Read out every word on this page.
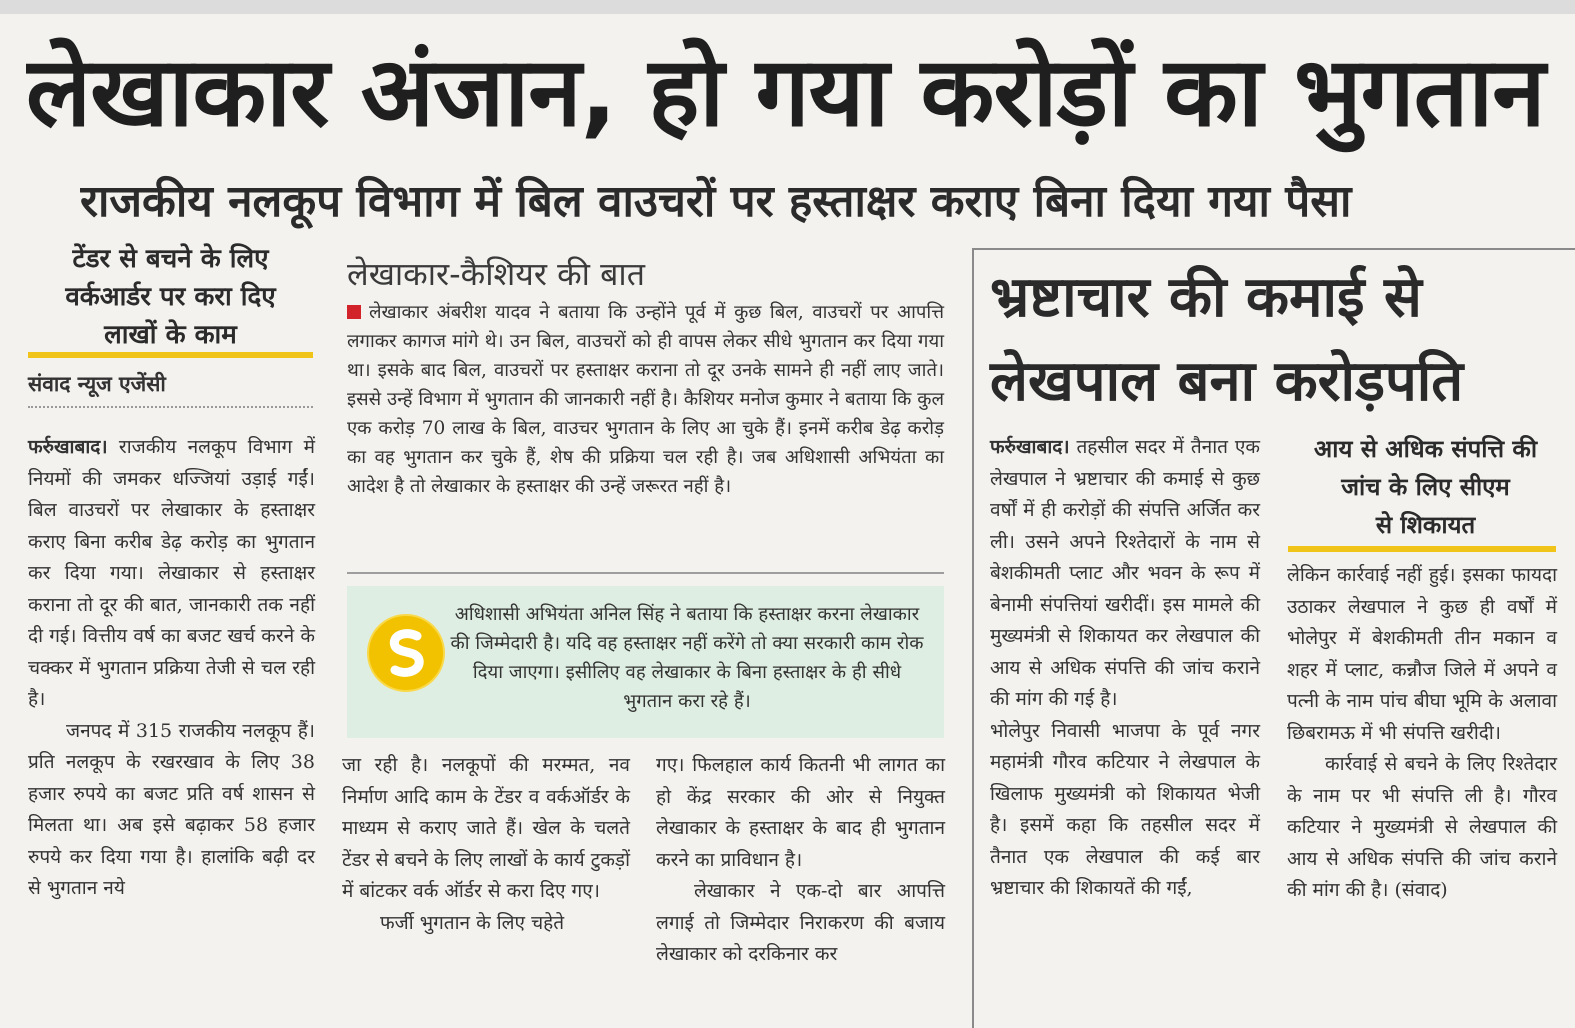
लेखाकार अंजान, हो गया करोड़ों का भुगतान
राजकीय नलकूप विभाग में बिल वाउचरों पर हस्ताक्षर कराए बिना दिया गया पैसा
टेंडर से बचने के लिए
वर्कआर्डर पर करा दिए
लाखों के काम
संवाद न्यूज एजेंसी

फर्रुखाबाद। राजकीय नलकूप विभाग में नियमों की जमकर धज्जियां उड़ाई गईं। बिल वाउचरों पर लेखाकार के हस्ताक्षर कराए बिना करीब डेढ़ करोड़ का भुगतान कर दिया गया। लेखाकार से हस्ताक्षर कराना तो दूर की बात, जानकारी तक नहीं दी गई। वित्तीय वर्ष का बजट खर्च करने के चक्कर में भुगतान प्रक्रिया तेजी से चल रही है।

जनपद में 315 राजकीय नलकूप हैं। प्रति नलकूप के रखरखाव के लिए 38 हजार रुपये का बजट प्रति वर्ष शासन से मिलता था। अब इसे बढ़ाकर 58 हजार रुपये कर दिया गया है। हालांकि बढ़ी दर से भुगतान नये

लेखाकार-कैशियर की बात
लेखाकार अंबरीश यादव ने बताया कि उन्होंने पूर्व में कुछ बिल, वाउचरों पर आपत्ति लगाकर कागज मांगे थे। उन बिल, वाउचरों को ही वापस लेकर सीधे भुगतान कर दिया गया था। इसके बाद बिल, वाउचरों पर हस्ताक्षर कराना तो दूर उनके सामने ही नहीं लाए जाते। इससे उन्हें विभाग में भुगतान की जानकारी नहीं है। कैशियर मनोज कुमार ने बताया कि कुल एक करोड़ 70 लाख के बिल, वाउचर भुगतान के लिए आ चुके हैं। इनमें करीब डेढ़ करोड़ का वह भुगतान कर चुके हैं, शेष की प्रक्रिया चल रही है। जब अधिशासी अभियंता का आदेश है तो लेखाकार के हस्ताक्षर की उन्हें जरूरत नहीं है।
अधिशासी अभियंता अनिल सिंह ने बताया कि हस्ताक्षर करना लेखाकार की जिम्मेदारी है। यदि वह हस्ताक्षर नहीं करेंगे तो क्या सरकारी काम रोक दिया जाएगा। इसीलिए वह लेखाकार के बिना हस्ताक्षर के ही सीधे भुगतान करा रहे हैं।

जा रही है। नलकूपों की मरम्मत, नव निर्माण आदि काम के टेंडर व वर्कऑर्डर के माध्यम से कराए जाते हैं। खेल के चलते टेंडर से बचने के लिए लाखों के कार्य टुकड़ों में बांटकर वर्क ऑर्डर से करा दिए गए।

फर्जी भुगतान के लिए चहेते

गए। फिलहाल कार्य कितनी भी लागत का हो केंद्र सरकार की ओर से नियुक्त लेखाकार के हस्ताक्षर के बाद ही भुगतान करने का प्राविधान है।

लेखाकार ने एक-दो बार आपत्ति लगाई तो जिम्मेदार निराकरण की बजाय लेखाकार को दरकिनार कर

भ्रष्टाचार की कमाई से
लेखपाल बना करोड़पति

फर्रुखाबाद। तहसील सदर में तैनात एक लेखपाल ने भ्रष्टाचार की कमाई से कुछ वर्षों में ही करोड़ों की संपत्ति अर्जित कर ली। उसने अपने रिश्तेदारों के नाम से बेशकीमती प्लाट और भवन के रूप में बेनामी संपत्तियां खरीदीं। इस मामले की मुख्यमंत्री से शिकायत कर लेखपाल की आय से अधिक संपत्ति की जांच कराने की मांग की गई है।

भोलेपुर निवासी भाजपा के पूर्व नगर महामंत्री गौरव कटियार ने लेखपाल के खिलाफ मुख्यमंत्री को शिकायत भेजी है। इसमें कहा कि तहसील सदर में तैनात एक लेखपाल की कई बार भ्रष्टाचार की शिकायतें की गईं,

आय से अधिक संपत्ति की
जांच के लिए सीएम
से शिकायत

लेकिन कार्रवाई नहीं हुई। इसका फायदा उठाकर लेखपाल ने कुछ ही वर्षों में भोलेपुर में बेशकीमती तीन मकान व शहर में प्लाट, कन्नौज जिले में अपने व पत्नी के नाम पांच बीघा भूमि के अलावा छिबरामऊ में भी संपत्ति खरीदी।

कार्रवाई से बचने के लिए रिश्तेदार के नाम पर भी संपत्ति ली है। गौरव कटियार ने मुख्यमंत्री से लेखपाल की आय से अधिक संपत्ति की जांच कराने की मांग की है। (संवाद)
